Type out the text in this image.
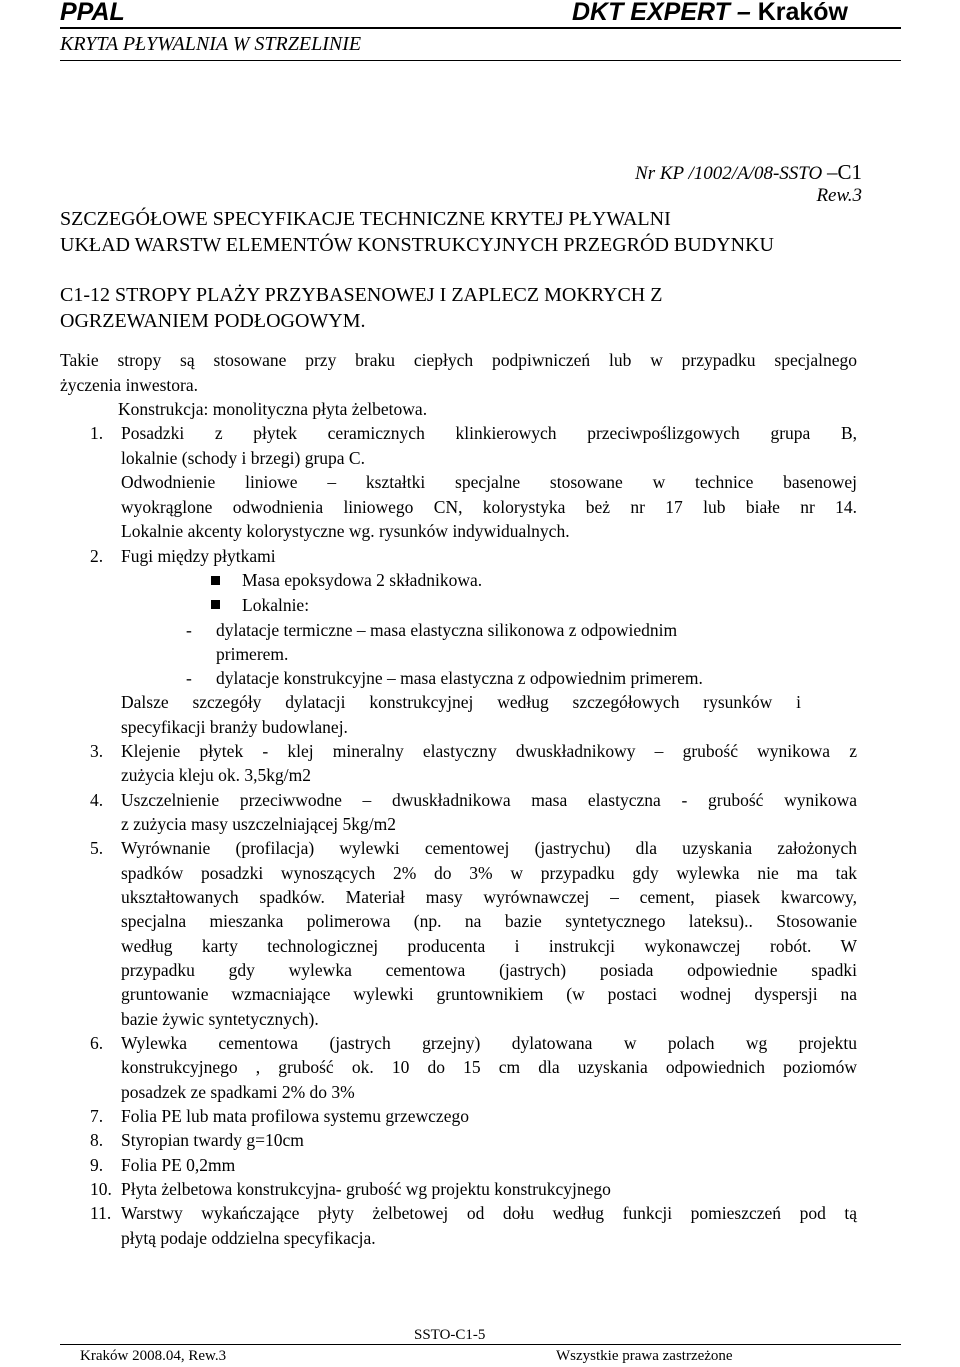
PPAL	DKT EXPERT – Kraków
KRYTA PŁYWALNIA W STRZELINIE
Nr KP /1002/A/08-SSTO –C1
Rew.3
SZCZEGÓŁOWE SPECYFIKACJE TECHNICZNE KRYTEJ PŁYWALNI
UKŁAD WARSTW ELEMENTÓW KONSTRUKCYJNYCH PRZEGRÓD BUDYNKU
C1-12 STROPY PLAŻY PRZYBASENOWEJ I ZAPLECZ MOKRYCH Z
OGRZEWANIEM PODŁOGOWYM.
Takie stropy są stosowane przy braku ciepłych podpiwniczeń lub w przypadku specjalnego
życzenia inwestora.
Konstrukcja: monolityczna płyta żelbetowa.
1. Posadzki z płytek ceramicznych klinkierowych przeciwpoślizgowych grupa B,
lokalnie (schody i brzegi) grupa C.
Odwodnienie liniowe – kształtki specjalne stosowane w technice basenowej
wyokrąglone odwodnienia liniowego CN, kolorystyka beż nr 17 lub białe nr 14.
Lokalnie akcenty kolorystyczne wg. rysunków indywidualnych.
2. Fugi między płytkami
Masa epoksydowa 2 składnikowa.
Lokalnie:
- dylatacje termiczne – masa elastyczna silikonowa z odpowiednim
primerem.
- dylatacje konstrukcyjne – masa elastyczna z odpowiednim primerem.
Dalsze szczegóły dylatacji konstrukcyjnej według szczegółowych rysunków i
specyfikacji branży budowlanej.
3. Klejenie płytek - klej mineralny elastyczny dwuskładnikowy – grubość wynikowa z
zużycia kleju ok. 3,5kg/m2
4. Uszczelnienie przeciwwodne – dwuskładnikowa masa elastyczna - grubość wynikowa
z zużycia masy uszczelniającej 5kg/m2
5. Wyrównanie (profilacja) wylewki cementowej (jastrychu) dla uzyskania założonych
spadków posadzki wynoszących 2% do 3% w przypadku gdy wylewka nie ma tak
ukształtowanych spadków. Materiał masy wyrównawczej – cement, piasek kwarcowy,
specjalna mieszanka polimerowa (np. na bazie syntetycznego lateksu).. Stosowanie
według karty technologicznej producenta i instrukcji wykonawczej robót. W
przypadku gdy wylewka cementowa (jastrych) posiada odpowiednie spadki
gruntowanie wzmacniające wylewki gruntownikiem (w postaci wodnej dyspersji na
bazie żywic syntetycznych).
6. Wylewka cementowa (jastrych grzejny) dylatowana w polach wg projektu
konstrukcyjnego , grubość ok. 10 do 15 cm dla uzyskania odpowiednich poziomów
posadzek ze spadkami 2% do 3%
7. Folia PE lub mata profilowa systemu grzewczego
8. Styropian twardy g=10cm
9. Folia PE 0,2mm
10. Płyta żelbetowa konstrukcyjna- grubość wg projektu konstrukcyjnego
11. Warstwy wykańczające płyty żelbetowej od dołu według funkcji pomieszczeń pod tą
płytą podaje oddzielna specyfikacja.
SSTO-C1-5
Kraków 2008.04, Rew.3	Wszystkie prawa zastrzeżone
